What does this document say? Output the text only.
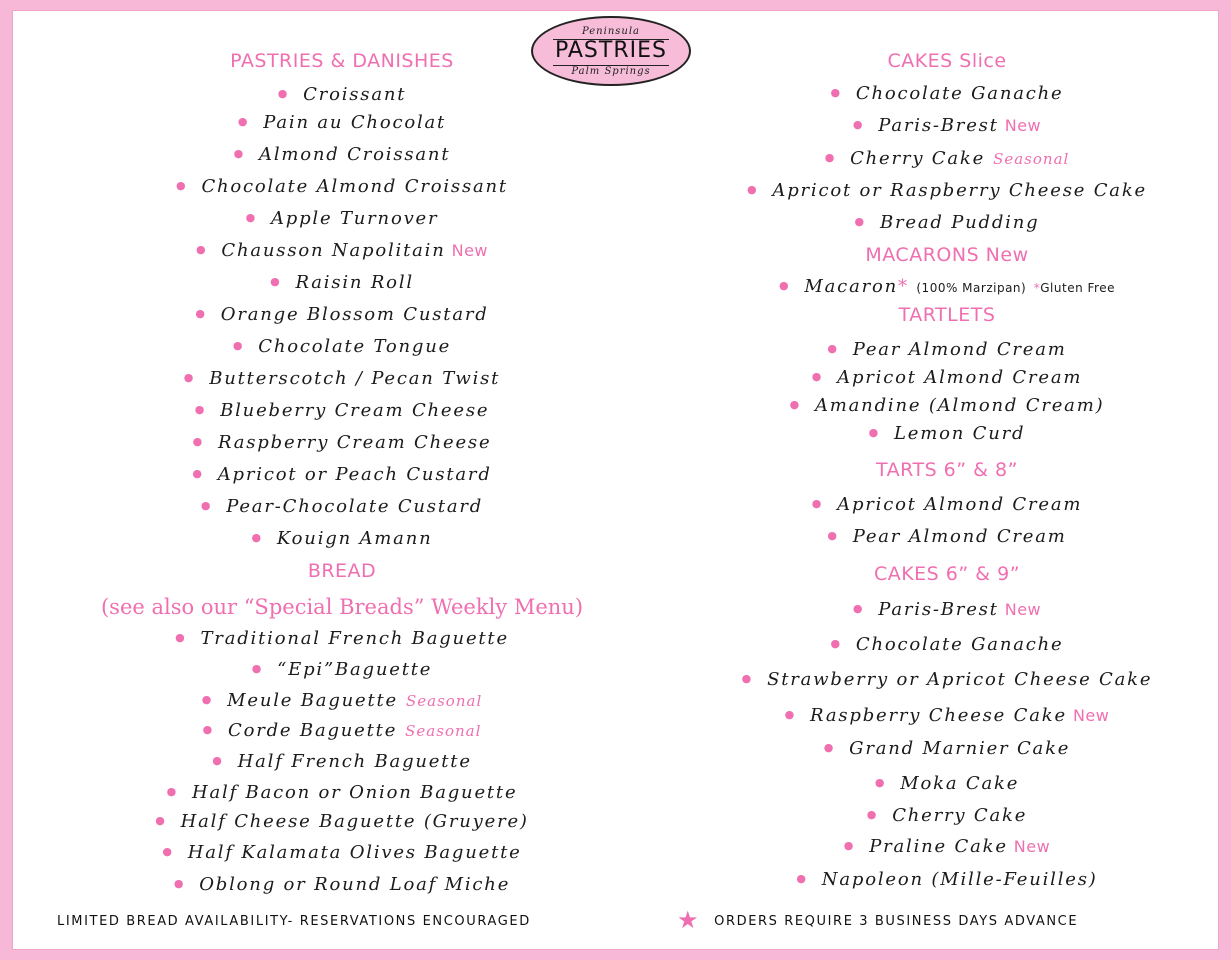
Peninsula
PASTRIES
Palm Springs
PASTRIES & DANISHES
● Croissant
● Pain au Chocolat
● Almond Croissant
● Chocolate Almond Croissant
● Apple Turnover
● Chausson Napolitain New
● Raisin Roll
● Orange Blossom Custard
● Chocolate Tongue
● Butterscotch / Pecan Twist
● Blueberry Cream Cheese
● Raspberry Cream Cheese
● Apricot or Peach Custard
● Pear-Chocolate Custard
● Kouign Amann
BREAD
(see also our “Special Breads” Weekly Menu)
● Traditional French Baguette
● “Epi”Baguette
● Meule Baguette Seasonal
● Corde Baguette Seasonal
● Half French Baguette
● Half Bacon or Onion Baguette
● Half Cheese Baguette (Gruyere)
● Half Kalamata Olives Baguette
● Oblong or Round Loaf Miche
LIMITED BREAD AVAILABILITY- RESERVATIONS ENCOURAGED
CAKES Slice
● Chocolate Ganache
● Paris-Brest New
● Cherry Cake Seasonal
● Apricot or Raspberry Cheese Cake
● Bread Pudding
MACARONS New
● Macaron* (100% Marzipan) *Gluten Free
TARTLETS
● Pear Almond Cream
● Apricot Almond Cream
● Amandine (Almond Cream)
● Lemon Curd
TARTS 6” & 8”
● Apricot Almond Cream
● Pear Almond Cream
CAKES 6” & 9”
● Paris-Brest New
● Chocolate Ganache
● Strawberry or Apricot Cheese Cake
● Raspberry Cheese Cake New
● Grand Marnier Cake
● Moka Cake
● Cherry Cake
● Praline Cake New
● Napoleon (Mille-Feuilles)
★ ORDERS REQUIRE 3 BUSINESS DAYS ADVANCE
